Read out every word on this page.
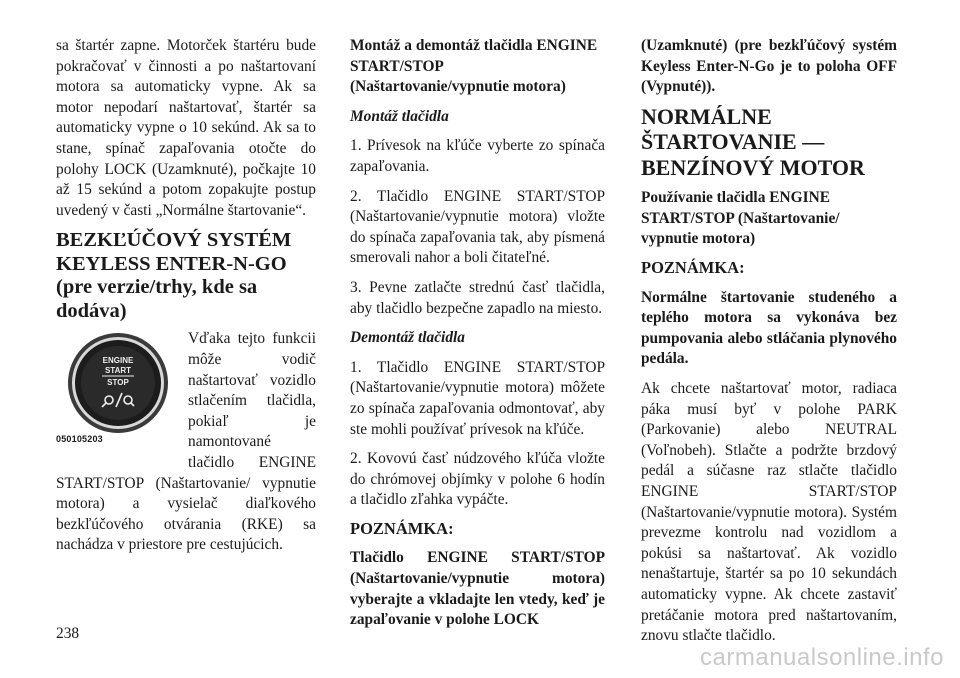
sa štartér zapne. Motorček štartéru bude pokračovať v činnosti a po naštartovaní motora sa automaticky vypne. Ak sa motor nepodarí naštartovať, štartér sa automaticky vypne o 10 sekúnd. Ak sa to stane, spínač zapaľovania otočte do polohy LOCK (Uzamknuté), počkajte 10 až 15 sekúnd a potom zopakujte postup uvedený v časti „Normálne štartovanie“.

BEZKĽÚČOVÝ SYSTÉM KEYLESS ENTER-N-GO (pre verzie/trhy, kde sa dodáva)
ENGINE
START
STOP
050105203

Vďaka tejto funkcii môže vodič naštartovať vozidlo stlačením tlačidla, pokiaľ je namontované tlačidlo ENGINE START/STOP (Naštartovanie/ vypnutie motora) a vysielač diaľkového bezkľúčového otvárania (RKE) sa nachádza v priestore pre cestujúcich.

Montáž a demontáž tlačidla ENGINE START/STOP (Naštartovanie/vypnutie motora)

Montáž tlačidla

1. Prívesok na kľúče vyberte zo spínača zapaľovania.

2. Tlačidlo ENGINE START/STOP (Naštartovanie/vypnutie motora) vložte do spínača zapaľovania tak, aby písmená smerovali nahor a boli čitateľné.

3. Pevne zatlačte strednú časť tlačidla, aby tlačidlo bezpečne zapadlo na miesto.

Demontáž tlačidla

1. Tlačidlo ENGINE START/STOP (Naštartovanie/vypnutie motora) môžete zo spínača zapaľovania odmontovať, aby ste mohli používať prívesok na kľúče.

2. Kovovú časť núdzového kľúča vložte do chrómovej objímky v polohe 6 hodín a tlačidlo zľahka vypáčte.

POZNÁMKA:

Tlačidlo ENGINE START/STOP (Naštartovanie/vypnutie motora) vyberajte a vkladajte len vtedy, keď je zapaľovanie v polohe LOCK

(Uzamknuté) (pre bezkľúčový systém Keyless Enter-N-Go je to poloha OFF (Vypnuté)).

NORMÁLNE ŠTARTOVANIE — BENZÍNOVÝ MOTOR
Používanie tlačidla ENGINE START/STOP (Naštartovanie/ vypnutie motora)

POZNÁMKA:

Normálne štartovanie studeného a teplého motora sa vykonáva bez pumpovania alebo stláčania plynového pedála.

Ak chcete naštartovať motor, radiaca páka musí byť v polohe PARK (Parkovanie) alebo NEUTRAL (Voľnobeh). Stlačte a podržte brzdový pedál a súčasne raz stlačte tlačidlo ENGINE START/STOP (Naštartovanie/vypnutie motora). Systém prevezme kontrolu nad vozidlom a pokúsi sa naštartovať. Ak vozidlo nenaštartuje, štartér sa po 10 sekundách automaticky vypne. Ak chcete zastaviť pretáčanie motora pred naštartovaním, znovu stlačte tlačidlo.

238
carmanualsonline.info
